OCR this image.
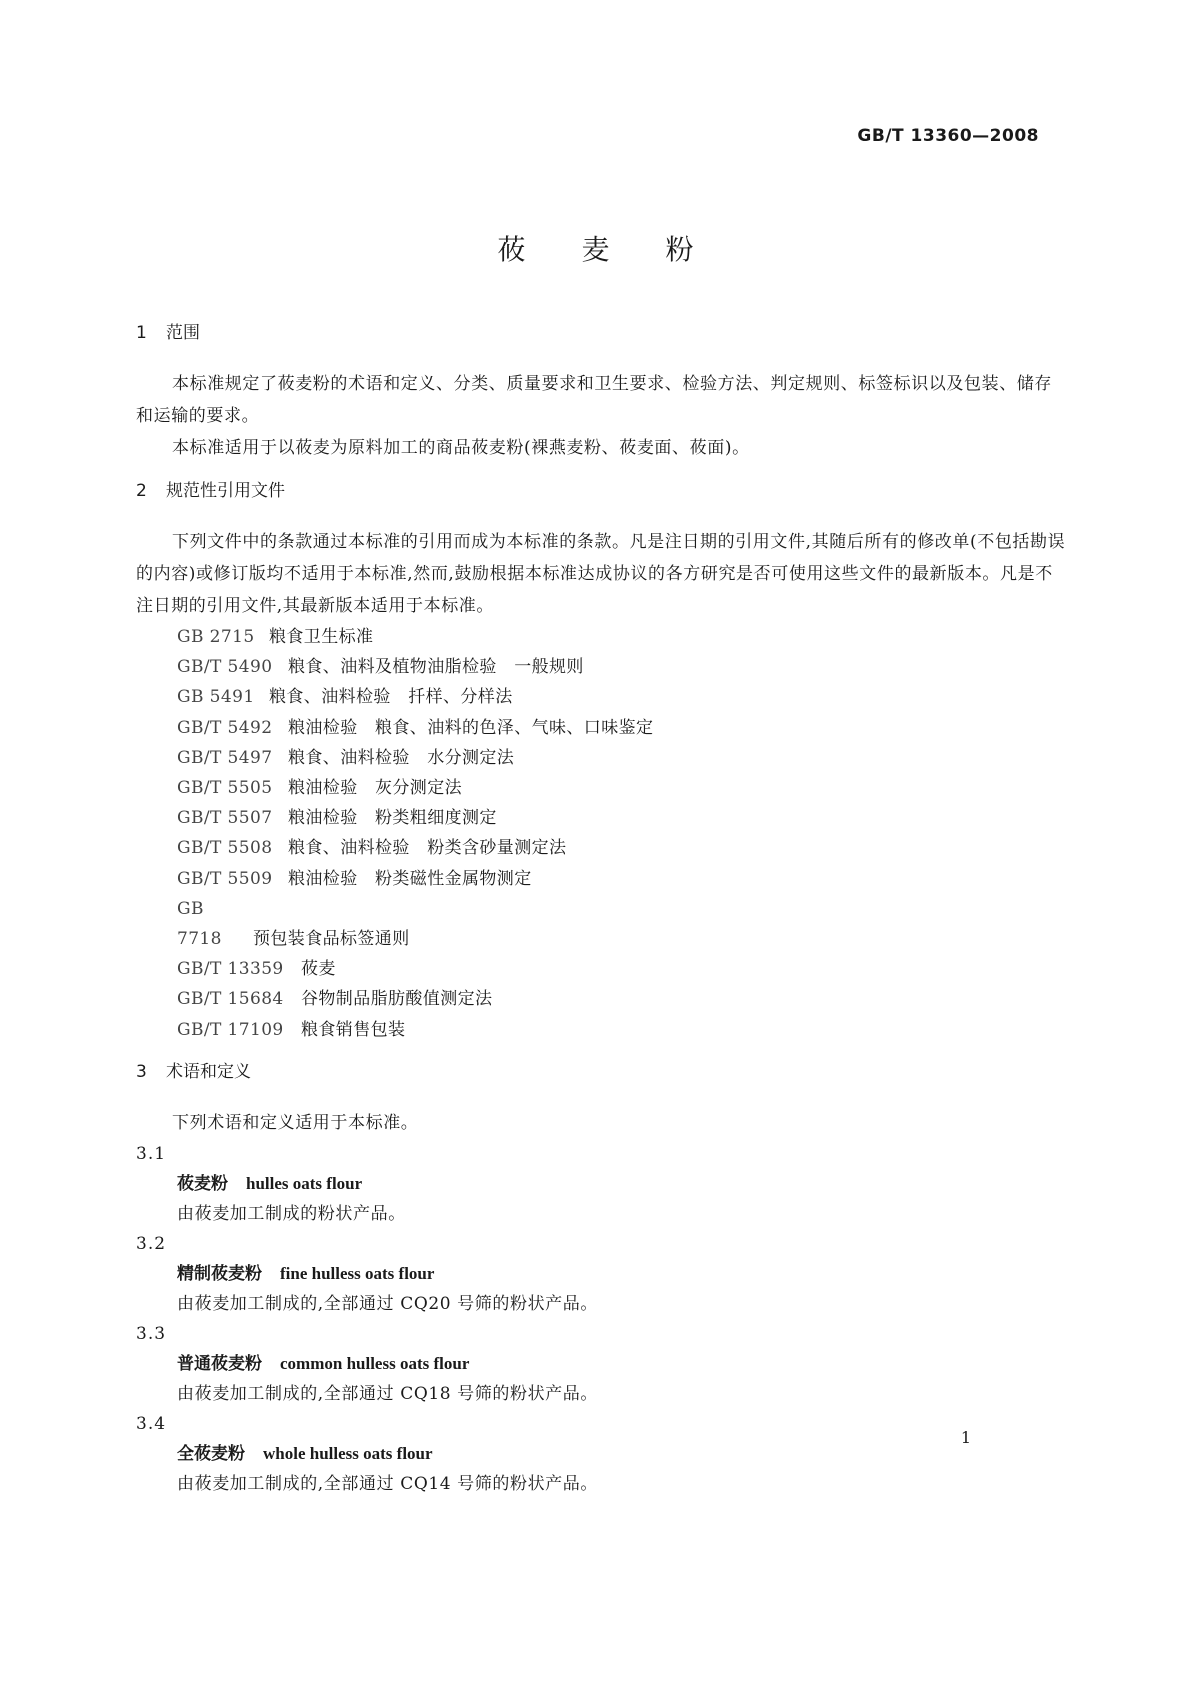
GB/T 13360—2008
莜麦粉
1 范围

本标准规定了莜麦粉的术语和定义、分类、质量要求和卫生要求、检验方法、判定规则、标签标识以及包装、储存和运输的要求。

本标准适用于以莜麦为原料加工的商品莜麦粉(裸燕麦粉、莜麦面、莜面)。

2 规范性引用文件

下列文件中的条款通过本标准的引用而成为本标准的条款。凡是注日期的引用文件,其随后所有的修改单(不包括勘误的内容)或修订版均不适用于本标准,然而,鼓励根据本标准达成协议的各方研究是否可使用这些文件的最新版本。凡是不注日期的引用文件,其最新版本适用于本标准。

GB 2715 粮食卫生标准
GB/T 5490 粮食、油料及植物油脂检验　一般规则
GB 5491 粮食、油料检验　扦样、分样法
GB/T 5492 粮油检验　粮食、油料的色泽、气味、口味鉴定
GB/T 5497 粮食、油料检验　水分测定法
GB/T 5505 粮油检验　灰分测定法
GB/T 5507 粮油检验　粉类粗细度测定
GB/T 5508 粮食、油料检验　粉类含砂量测定法
GB/T 5509 粮油检验　粉类磁性金属物测定
GB 7718 预包装食品标签通则
GB/T 13359 莜麦
GB/T 15684 谷物制品脂肪酸值测定法
GB/T 17109 粮食销售包装
3 术语和定义

下列术语和定义适用于本标准。

3.1
莜麦粉 hulles oats flour
由莜麦加工制成的粉状产品。
3.2
精制莜麦粉 fine hulless oats flour
由莜麦加工制成的,全部通过 CQ20 号筛的粉状产品。
3.3
普通莜麦粉 common hulless oats flour
由莜麦加工制成的,全部通过 CQ18 号筛的粉状产品。
3.4
全莜麦粉 whole hulless oats flour
由莜麦加工制成的,全部通过 CQ14 号筛的粉状产品。
1
